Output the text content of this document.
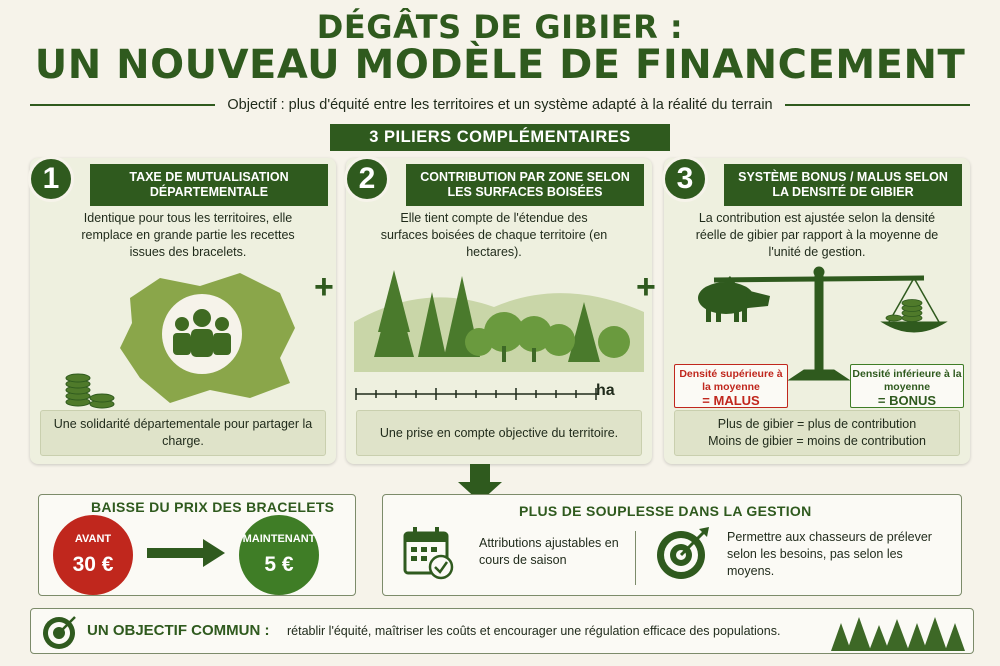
DÉGÂTS DE GIBIER :
UN NOUVEAU MODÈLE DE FINANCEMENT
Objectif : plus d'équité entre les territoires et un système adapté à la réalité du terrain
3 PILIERS COMPLÉMENTAIRES
1	TAXE DE MUTUALISATION DÉPARTEMENTALE
Identique pour tous les territoires, elle remplace en grande partie les recettes issues des bracelets.
Une solidarité départementale pour partager la charge.
+
2	CONTRIBUTION PAR ZONE SELON LES SURFACES BOISÉES
Elle tient compte de l'étendue des surfaces boisées de chaque territoire (en hectares).
ha
Une prise en compte objective du territoire.
+
3	SYSTÈME BONUS / MALUS SELON LA DENSITÉ DE GIBIER
La contribution est ajustée selon la densité réelle de gibier par rapport à la moyenne de l'unité de gestion.
Densité supérieure à la moyenne
= MALUS
Densité inférieure à la moyenne
= BONUS
Plus de gibier = plus de contribution
Moins de gibier = moins de contribution
BAISSE DU PRIX DES BRACELETS
AVANT
30 €
MAINTENANT
5 €
PLUS DE SOUPLESSE DANS LA GESTION
Attributions ajustables en cours de saison
Permettre aux chasseurs de prélever selon les besoins, pas selon les moyens.
UN OBJECTIF COMMUN : rétablir l'équité, maîtriser les coûts et encourager une régulation efficace des populations.
